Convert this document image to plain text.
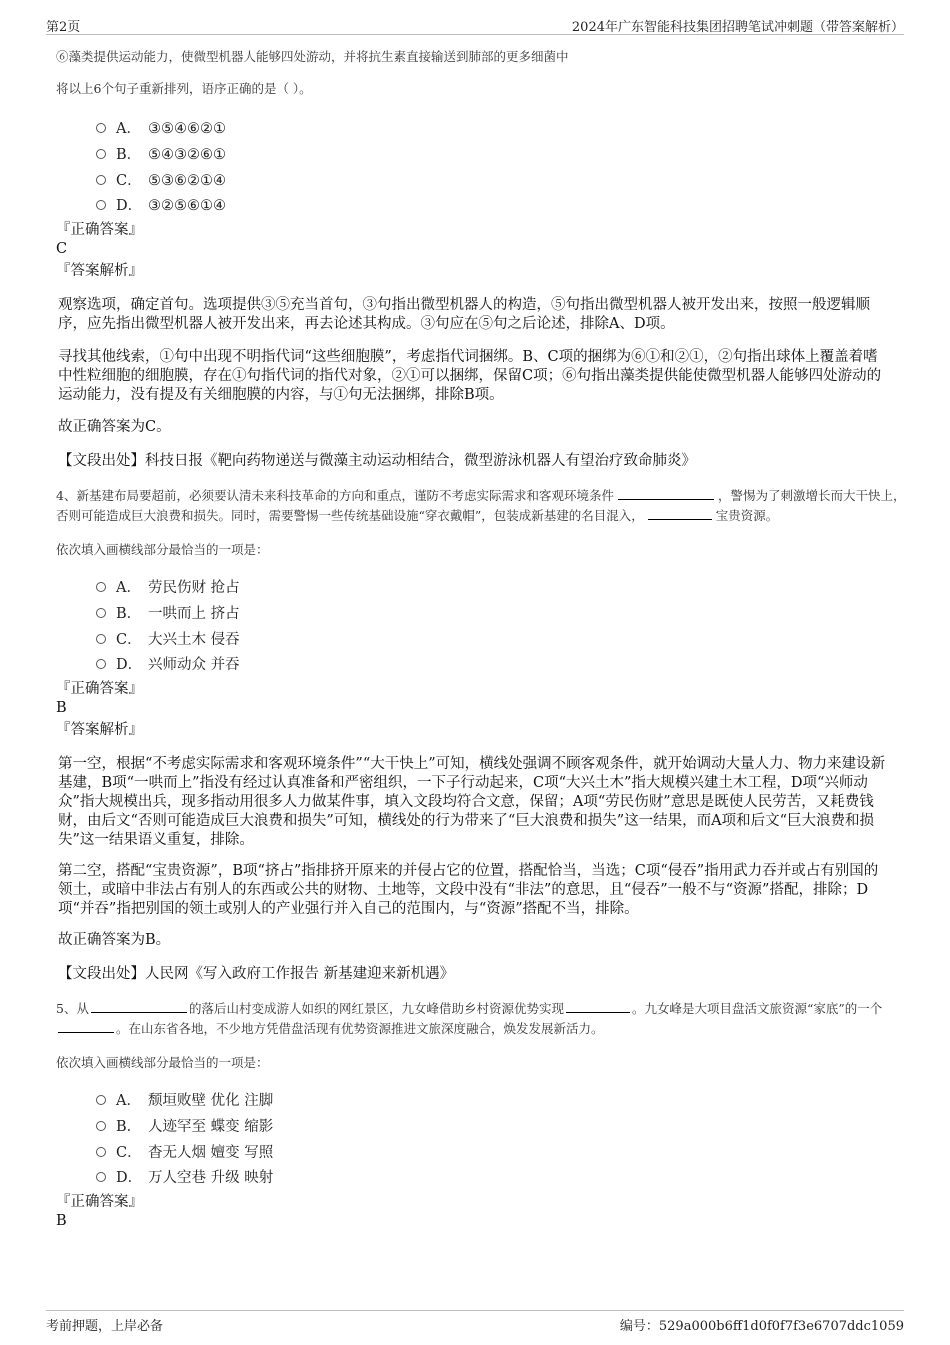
第2页	2024年广东智能科技集团招聘笔试冲刺题（带答案解析）
⑥藻类提供运动能力，使微型机器人能够四处游动，并将抗生素直接输送到肺部的更多细菌中
将以上6个句子重新排列，语序正确的是（ ）。
A． ③⑤④⑥②①
B． ⑤④③②⑥①
C． ⑤③⑥②①④
D． ③②⑤⑥①④
『正确答案』
C
『答案解析』
观察选项，确定首句。选项提供③⑤充当首句，③句指出微型机器人的构造，⑤句指出微型机器人被开发出来，按照一般逻辑顺序，应先指出微型机器人被开发出来，再去论述其构成。③句应在⑤句之后论述，排除A、D项。
寻找其他线索，①句中出现不明指代词“这些细胞膜”，考虑指代词捆绑。B、C项的捆绑为⑥①和②①，②句指出球体上覆盖着嗜中性粒细胞的细胞膜，存在①句指代词的指代对象，②①可以捆绑，保留C项；⑥句指出藻类提供能使微型机器人能够四处游动的运动能力，没有提及有关细胞膜的内容，与①句无法捆绑，排除B项。
故正确答案为C。
【文段出处】科技日报《靶向药物递送与微藻主动运动相结合，微型游泳机器人有望治疗致命肺炎》
4、新基建布局要超前，必须要认清未来科技革命的方向和重点，谨防不考虑实际需求和客观环境条件	，警惕为了刺激增长而大干快上，否则可能造成巨大浪费和损失。同时，需要警惕一些传统基础设施“穿衣戴帽”，包装成新基建的名目混入，	宝贵资源。
依次填入画横线部分最恰当的一项是：
A． 劳民伤财 抢占
B． 一哄而上 挤占
C． 大兴土木 侵吞
D． 兴师动众 并吞
『正确答案』
B
『答案解析』
第一空，根据“不考虑实际需求和客观环境条件”“大干快上”可知，横线处强调不顾客观条件，就开始调动大量人力、物力来建设新基建，B项“一哄而上”指没有经过认真准备和严密组织，一下子行动起来，C项“大兴土木”指大规模兴建土木工程，D项“兴师动众”指大规模出兵，现多指动用很多人力做某件事，填入文段均符合文意，保留；A项“劳民伤财”意思是既使人民劳苦，又耗费钱财，由后文“否则可能造成巨大浪费和损失”可知，横线处的行为带来了“巨大浪费和损失”这一结果，而A项和后文“巨大浪费和损失”这一结果语义重复，排除。
第二空，搭配“宝贵资源”，B项“挤占”指排挤开原来的并侵占它的位置，搭配恰当，当选；C项“侵吞”指用武力吞并或占有别国的领土，或暗中非法占有别人的东西或公共的财物、土地等，文段中没有“非法”的意思，且“侵吞”一般不与“资源”搭配，排除；D项“并吞”指把别国的领土或别人的产业强行并入自己的范围内，与“资源”搭配不当，排除。
故正确答案为B。
【文段出处】人民网《写入政府工作报告 新基建迎来新机遇》
5、从	的落后山村变成游人如织的网红景区，九女峰借助乡村资源优势实现	。九女峰是大项目盘活文旅资源“家底”的一个。在山东省各地，不少地方凭借盘活现有优势资源推进文旅深度融合，焕发发展新活力。
依次填入画横线部分最恰当的一项是：
A． 颓垣败壁 优化 注脚
B． 人迹罕至 蝶变 缩影
C． 杳无人烟 嬗变 写照
D． 万人空巷 升级 映射
『正确答案』
B
考前押题，上岸必备	编号：529a000b6ff1d0f0f7f3e6707ddc1059
